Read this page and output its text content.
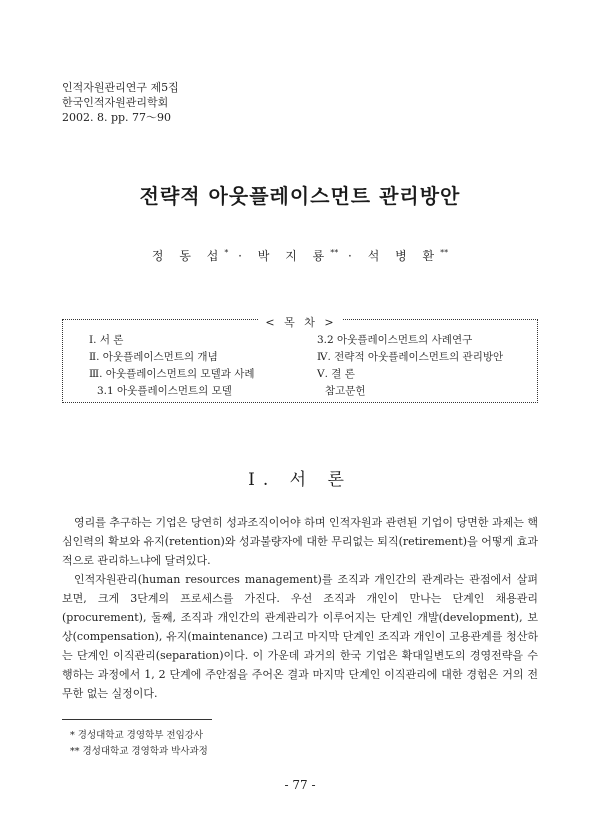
인적자원관리연구 제5집
한국인적자원관리학회
2002. 8. pp. 77～90
전략적 아웃플레이스먼트 관리방안
정 동 섭* · 박 지 룡** · 석 병 환**
< 목 차 >
Ⅰ. 서 론
Ⅱ. 아웃플레이스먼트의 개념
Ⅲ. 아웃플레이스먼트의 모델과 사례
3.1 아웃플레이스먼트의 모델
3.2 아웃플레이스먼트의 사례연구
Ⅳ. 전략적 아웃플레이스먼트의 관리방안
Ⅴ. 결 론
참고문헌
Ⅰ. 서 론

영리를 추구하는 기업은 당연히 성과조직이어야 하며 인적자원과 관련된 기업이 당면한 과제는 핵심인력의 확보와 유지(retention)와 성과불량자에 대한 무리없는 퇴직(retirement)을 어떻게 효과적으로 관리하느냐에 달려있다.

인적자원관리(human resources management)를 조직과 개인간의 관계라는 관점에서 살펴보면, 크게 3단계의 프로세스를 가진다. 우선 조직과 개인이 만나는 단계인 채용관리(procurement), 둘째, 조직과 개인간의 관계관리가 이루어지는 단계인 개발(development), 보상(compensation), 유지(maintenance) 그리고 마지막 단계인 조직과 개인이 고용관계를 청산하는 단계인 이직관리(separation)이다. 이 가운데 과거의 한국 기업은 확대일변도의 경영전략을 수행하는 과정에서 1, 2 단계에 주안점을 주어온 결과 마지막 단계인 이직관리에 대한 경험은 거의 전무한 없는 실정이다.

* 경성대학교 경영학부 전임강사
** 경성대학교 경영학과 박사과정
- 77 -
